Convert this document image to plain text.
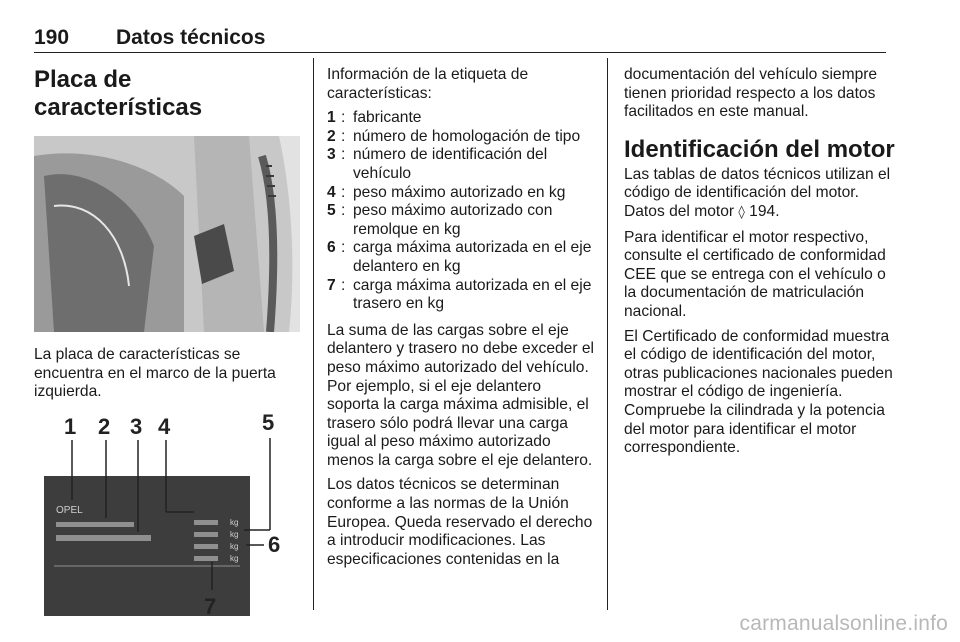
190 Datos técnicos
Placa de características

La placa de características se encuentra en el marco de la puerta izquierda.

OPEL
kg
kg
kg
kg
1 2 3 4	5
6
7

Información de la etiqueta de características:

1 : fabricante
2 : número de homologación de tipo
3 : número de identificación del vehículo
4 : peso máximo autorizado en kg
5 : peso máximo autorizado con remolque en kg
6 : carga máxima autorizada en el eje delantero en kg
7 : carga máxima autorizada en el eje trasero en kg

La suma de las cargas sobre el eje delantero y trasero no debe exceder el peso máximo autorizado del vehículo. Por ejemplo, si el eje delantero soporta la carga máxima admisible, el trasero sólo podrá llevar una carga igual al peso máximo autorizado menos la carga sobre el eje delantero.

Los datos técnicos se determinan conforme a las normas de la Unión Europea. Queda reservado el derecho a introducir modificaciones. Las especificaciones contenidas en la

documentación del vehículo siempre tienen prioridad respecto a los datos facilitados en este manual.

Identificación del motor

Las tablas de datos técnicos utilizan el código de identificación del motor. Datos del motor ◊ 194.

Para identificar el motor respectivo, consulte el certificado de conformidad CEE que se entrega con el vehículo o la documentación de matriculación nacional.

El Certificado de conformidad muestra el código de identificación del motor, otras publicaciones nacionales pueden mostrar el código de ingeniería. Compruebe la cilindrada y la potencia del motor para identificar el motor correspondiente.

carmanualsonline.info
